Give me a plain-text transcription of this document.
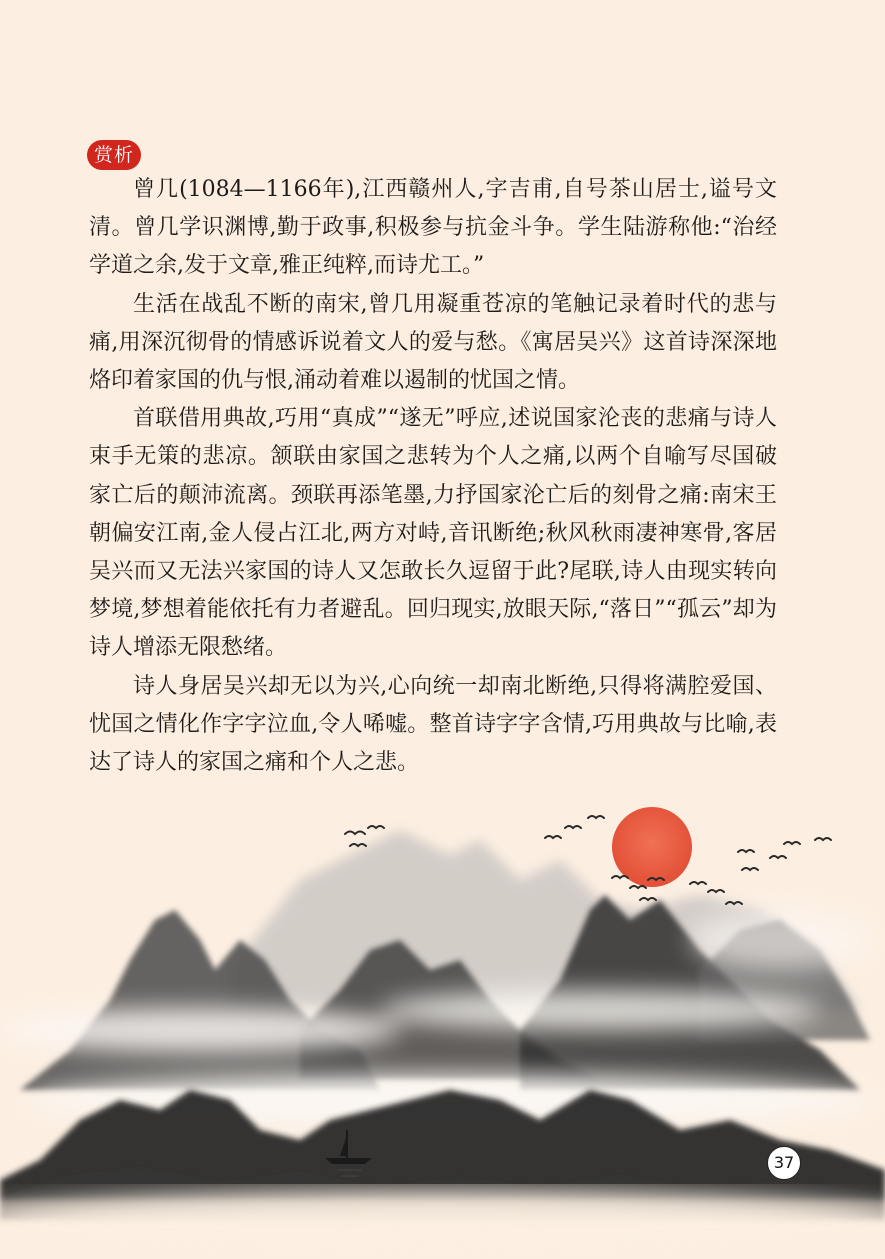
赏析

曾几(1084—1166年),江西赣州人,字吉甫,自号茶山居士,谥号文清。曾几学识渊博,勤于政事,积极参与抗金斗争。学生陆游称他:“治经学道之余,发于文章,雅正纯粹,而诗尤工。”

生活在战乱不断的南宋,曾几用凝重苍凉的笔触记录着时代的悲与痛,用深沉彻骨的情感诉说着文人的爱与愁。《寓居吴兴》这首诗深深地烙印着家国的仇与恨,涌动着难以遏制的忧国之情。

首联借用典故,巧用“真成”“遂无”呼应,述说国家沦丧的悲痛与诗人束手无策的悲凉。颔联由家国之悲转为个人之痛,以两个自喻写尽国破家亡后的颠沛流离。颈联再添笔墨,力抒国家沦亡后的刻骨之痛:南宋王朝偏安江南,金人侵占江北,两方对峙,音讯断绝;秋风秋雨凄神寒骨,客居吴兴而又无法兴家国的诗人又怎敢长久逗留于此?尾联,诗人由现实转向梦境,梦想着能依托有力者避乱。回归现实,放眼天际,“落日”“孤云”却为诗人增添无限愁绪。

诗人身居吴兴却无以为兴,心向统一却南北断绝,只得将满腔爱国、忧国之情化作字字泣血,令人唏嘘。整首诗字字含情,巧用典故与比喻,表达了诗人的家国之痛和个人之悲。

37
